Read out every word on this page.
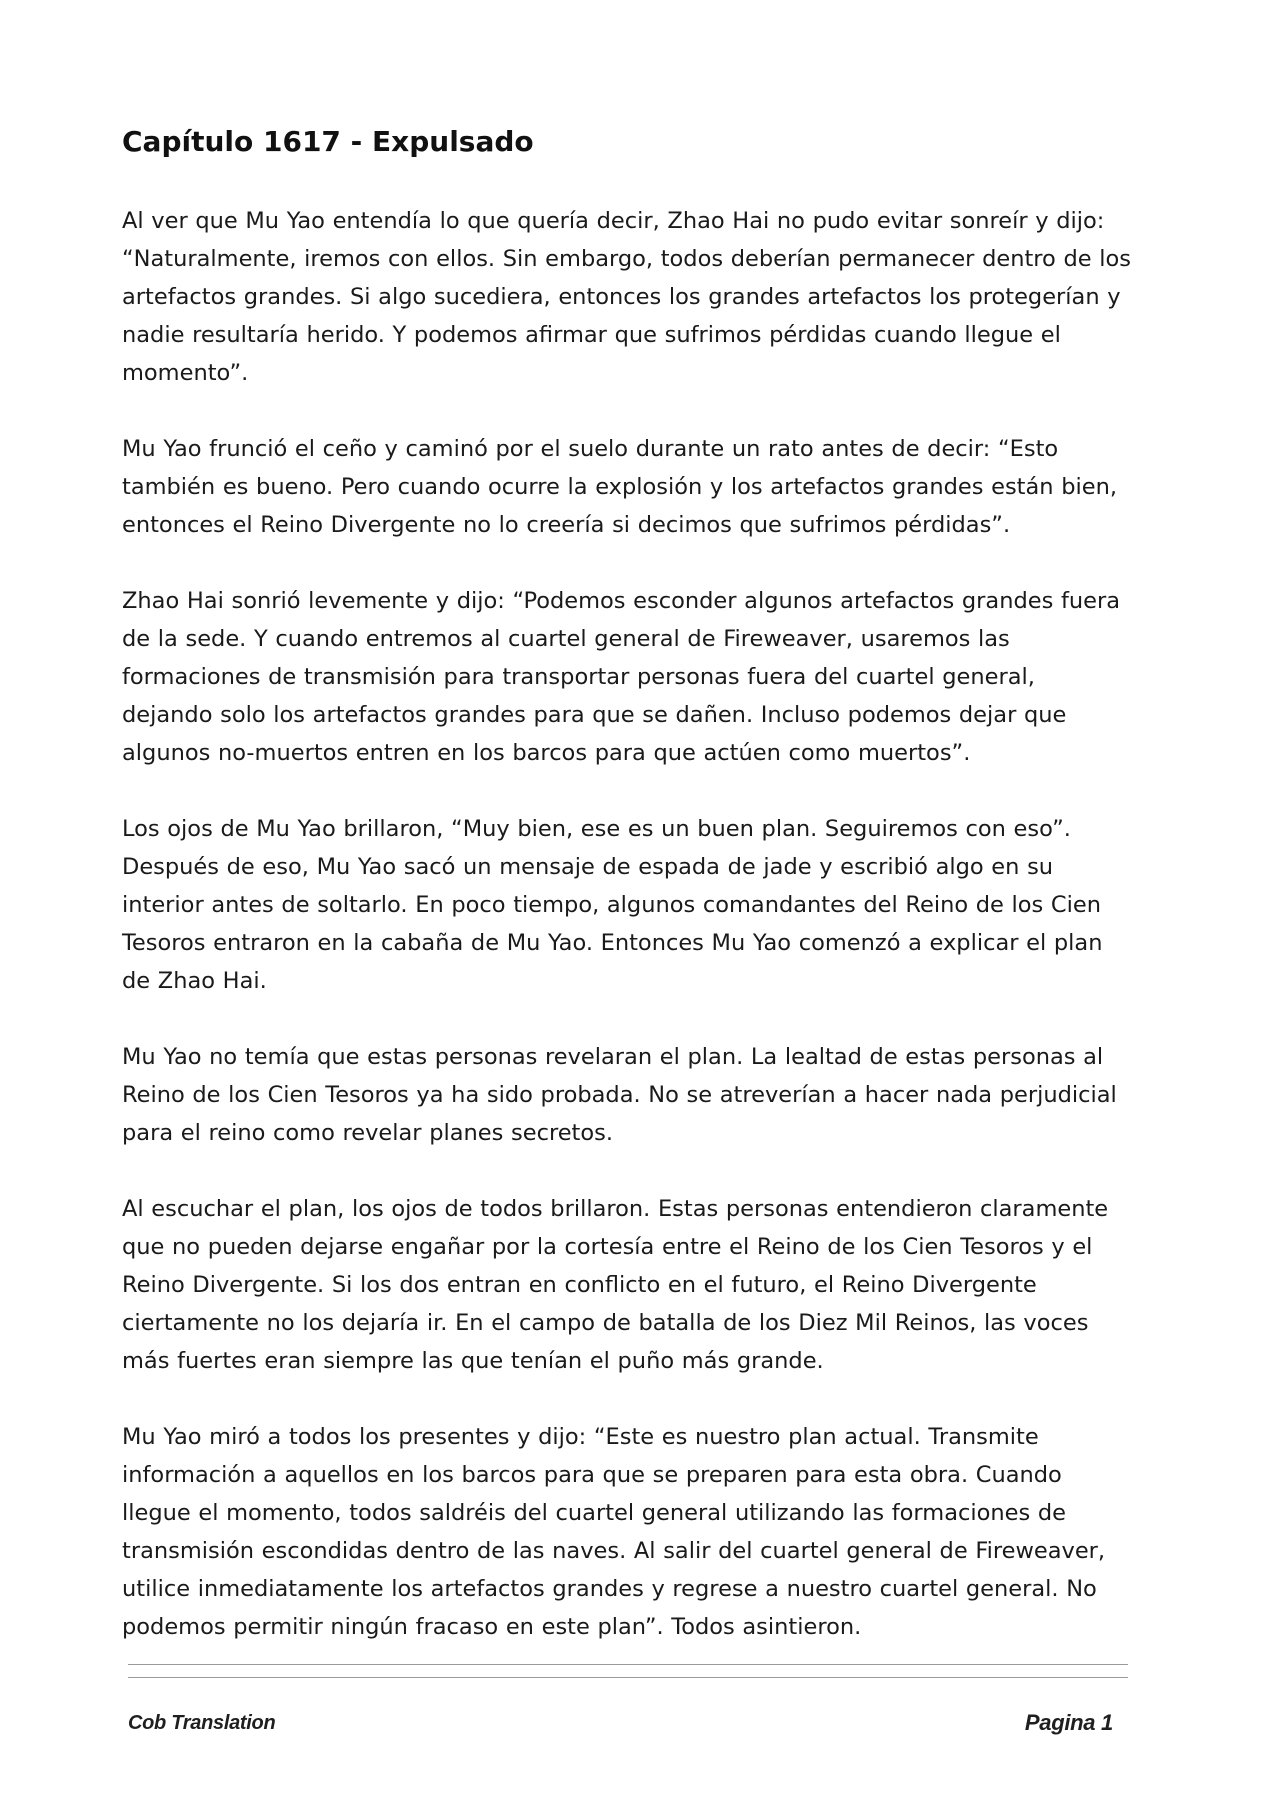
Capítulo 1617 - Expulsado

Al ver que Mu Yao entendía lo que quería decir, Zhao Hai no pudo evitar sonreír y dijo: “Naturalmente, iremos con ellos. Sin embargo, todos deberían permanecer dentro de los artefactos grandes. Si algo sucediera, entonces los grandes artefactos los protegerían y nadie resultaría herido. Y podemos afirmar que sufrimos pérdidas cuando llegue el momento”.

Mu Yao frunció el ceño y caminó por el suelo durante un rato antes de decir: “Esto también es bueno. Pero cuando ocurre la explosión y los artefactos grandes están bien, entonces el Reino Divergente no lo creería si decimos que sufrimos pérdidas”.

Zhao Hai sonrió levemente y dijo: “Podemos esconder algunos artefactos grandes fuera de la sede. Y cuando entremos al cuartel general de Fireweaver, usaremos las formaciones de transmisión para transportar personas fuera del cuartel general, dejando solo los artefactos grandes para que se dañen. Incluso podemos dejar que algunos no-muertos entren en los barcos para que actúen como muertos”.

Los ojos de Mu Yao brillaron, “Muy bien, ese es un buen plan. Seguiremos con eso”. Después de eso, Mu Yao sacó un mensaje de espada de jade y escribió algo en su interior antes de soltarlo. En poco tiempo, algunos comandantes del Reino de los Cien Tesoros entraron en la cabaña de Mu Yao. Entonces Mu Yao comenzó a explicar el plan de Zhao Hai.

Mu Yao no temía que estas personas revelaran el plan. La lealtad de estas personas al Reino de los Cien Tesoros ya ha sido probada. No se atreverían a hacer nada perjudicial para el reino como revelar planes secretos.

Al escuchar el plan, los ojos de todos brillaron. Estas personas entendieron claramente que no pueden dejarse engañar por la cortesía entre el Reino de los Cien Tesoros y el Reino Divergente. Si los dos entran en conflicto en el futuro, el Reino Divergente ciertamente no los dejaría ir. En el campo de batalla de los Diez Mil Reinos, las voces más fuertes eran siempre las que tenían el puño más grande.

Mu Yao miró a todos los presentes y dijo: “Este es nuestro plan actual. Transmite información a aquellos en los barcos para que se preparen para esta obra. Cuando llegue el momento, todos saldréis del cuartel general utilizando las formaciones de transmisión escondidas dentro de las naves. Al salir del cuartel general de Fireweaver, utilice inmediatamente los artefactos grandes y regrese a nuestro cuartel general. No podemos permitir ningún fracaso en este plan”. Todos asintieron.

Cob Translation	Pagina 1
